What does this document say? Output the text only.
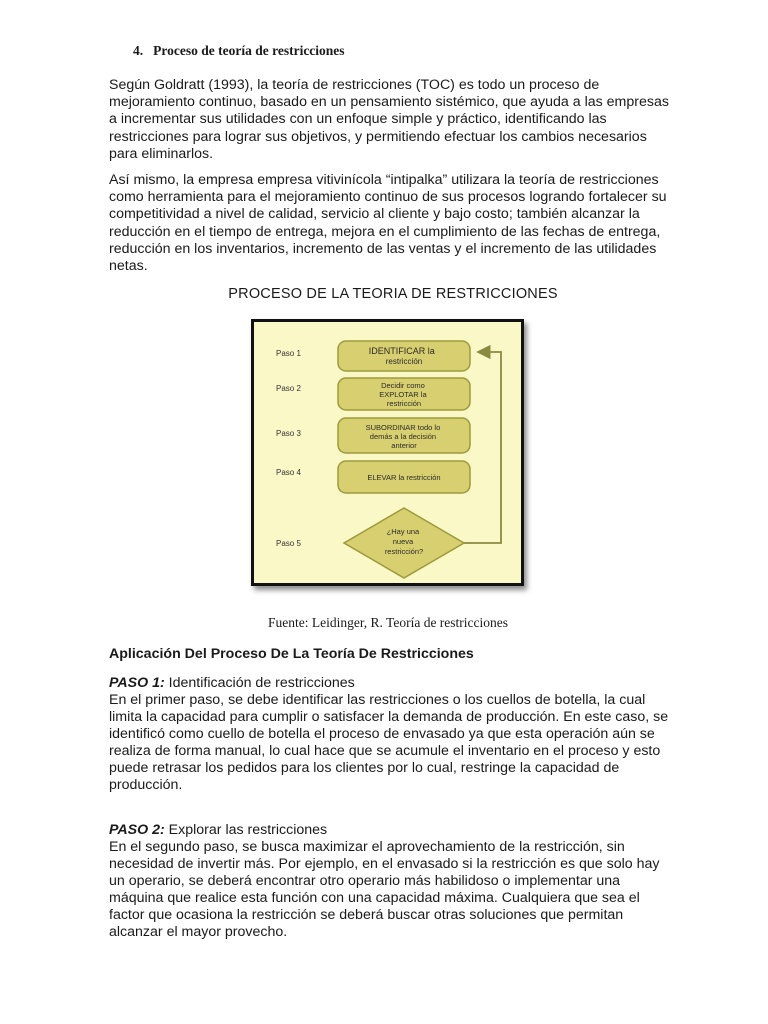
4. Proceso de teoría de restricciones

Según Goldratt (1993), la teoría de restricciones (TOC) es todo un proceso de mejoramiento continuo, basado en un pensamiento sistémico, que ayuda a las empresas a incrementar sus utilidades con un enfoque simple y práctico, identificando las restricciones para lograr sus objetivos, y permitiendo efectuar los cambios necesarios para eliminarlos.

Así mismo, la empresa empresa vitivinícola “intipalka” utilizara la teoría de restricciones como herramienta para el mejoramiento continuo de sus procesos logrando fortalecer su competitividad a nivel de calidad, servicio al cliente y bajo costo; también alcanzar la reducción en el tiempo de entrega, mejora en el cumplimiento de las fechas de entrega, reducción en los inventarios, incremento de las ventas y el incremento de las utilidades netas.

PROCESO DE LA TEORIA DE RESTRICCIONES
Paso 1
Paso 2
Paso 3
Paso 4
Paso 5
IDENTIFICAR la restricción
Decidir como EXPLOTAR la restricción
SUBORDINAR todo lo demás a la decisión anterior
ELEVAR la restricción
¿Hay una nueva restricción?
Fuente: Leidinger, R. Teoría de restricciones
Aplicación Del Proceso De La Teoría De Restricciones

PASO 1: Identificación de restricciones

En el primer paso, se debe identificar las restricciones o los cuellos de botella, la cual limita la capacidad para cumplir o satisfacer la demanda de producción. En este caso, se identificó como cuello de botella el proceso de envasado ya que esta operación aún se realiza de forma manual, lo cual hace que se acumule el inventario en el proceso y esto puede retrasar los pedidos para los clientes por lo cual, restringe la capacidad de producción.

PASO 2: Explorar las restricciones

En el segundo paso, se busca maximizar el aprovechamiento de la restricción, sin necesidad de invertir más. Por ejemplo, en el envasado si la restricción es que solo hay un operario, se deberá encontrar otro operario más habilidoso o implementar una máquina que realice esta función con una capacidad máxima. Cualquiera que sea el factor que ocasiona la restricción se deberá buscar otras soluciones que permitan alcanzar el mayor provecho.
